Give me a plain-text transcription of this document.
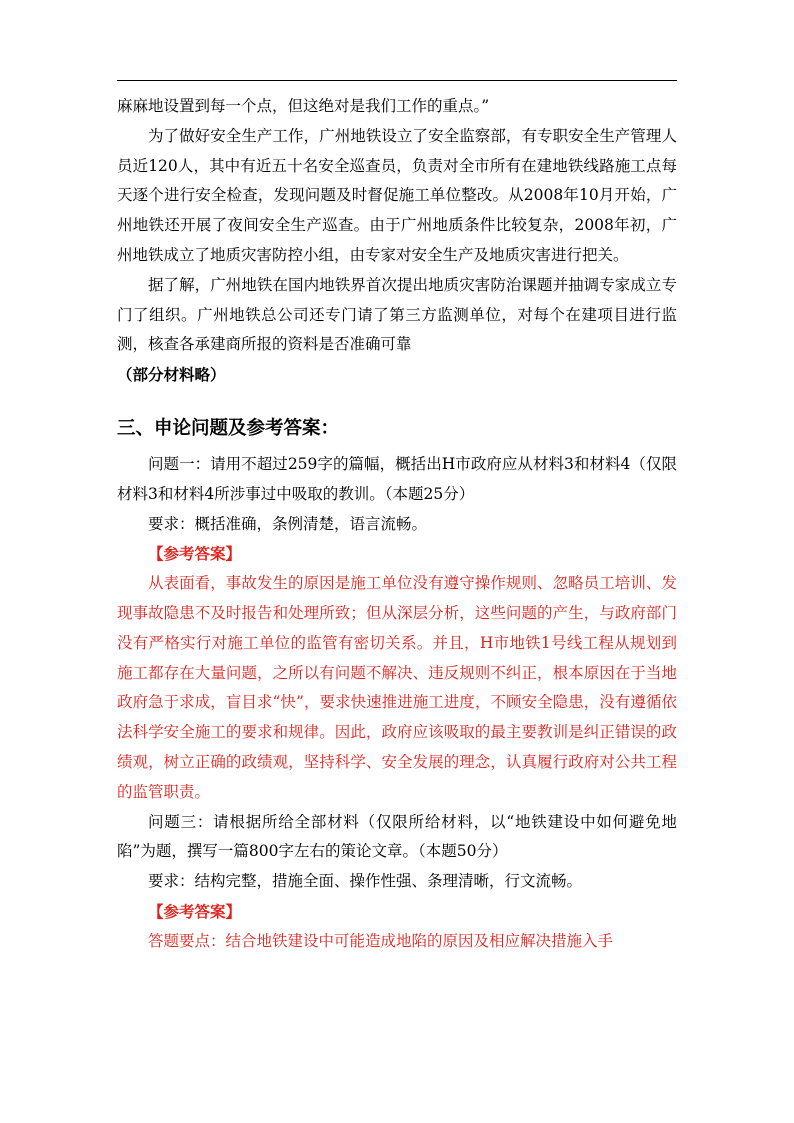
麻麻地设置到每一个点，但这绝对是我们工作的重点。”

为了做好安全生产工作，广州地铁设立了安全监察部，有专职安全生产管理人员近120人，其中有近五十名安全巡查员，负责对全市所有在建地铁线路施工点每天逐个进行安全检查，发现问题及时督促施工单位整改。从2008年10月开始，广州地铁还开展了夜间安全生产巡查。由于广州地质条件比较复杂，2008年初，广州地铁成立了地质灾害防控小组，由专家对安全生产及地质灾害进行把关。

据了解，广州地铁在国内地铁界首次提出地质灾害防治课题并抽调专家成立专门了组织。广州地铁总公司还专门请了第三方监测单位，对每个在建项目进行监测，核查各承建商所报的资料是否准确可靠

（部分材料略）

三、申论问题及参考答案：

问题一：请用不超过259字的篇幅，概括出H市政府应从材料3和材料4（仅限材料3和材料4所涉事过中吸取的教训。（本题25分）

要求：概括准确，条例清楚，语言流畅。

【参考答案】

从表面看，事故发生的原因是施工单位没有遵守操作规则、忽略员工培训、发现事故隐患不及时报告和处理所致；但从深层分析，这些问题的产生，与政府部门没有严格实行对施工单位的监管有密切关系。并且，H市地铁1号线工程从规划到施工都存在大量问题，之所以有问题不解决、违反规则不纠正，根本原因在于当地政府急于求成，盲目求“快”，要求快速推进施工进度，不顾安全隐患，没有遵循依法科学安全施工的要求和规律。因此，政府应该吸取的最主要教训是纠正错误的政绩观，树立正确的政绩观，坚持科学、安全发展的理念，认真履行政府对公共工程的监管职责。

问题三：请根据所给全部材料（仅限所给材料，以“地铁建设中如何避免地陷”为题，撰写一篇800字左右的策论文章。（本题50分）

要求：结构完整，措施全面、操作性强、条理清晰，行文流畅。

【参考答案】

答题要点：结合地铁建设中可能造成地陷的原因及相应解决措施入手
